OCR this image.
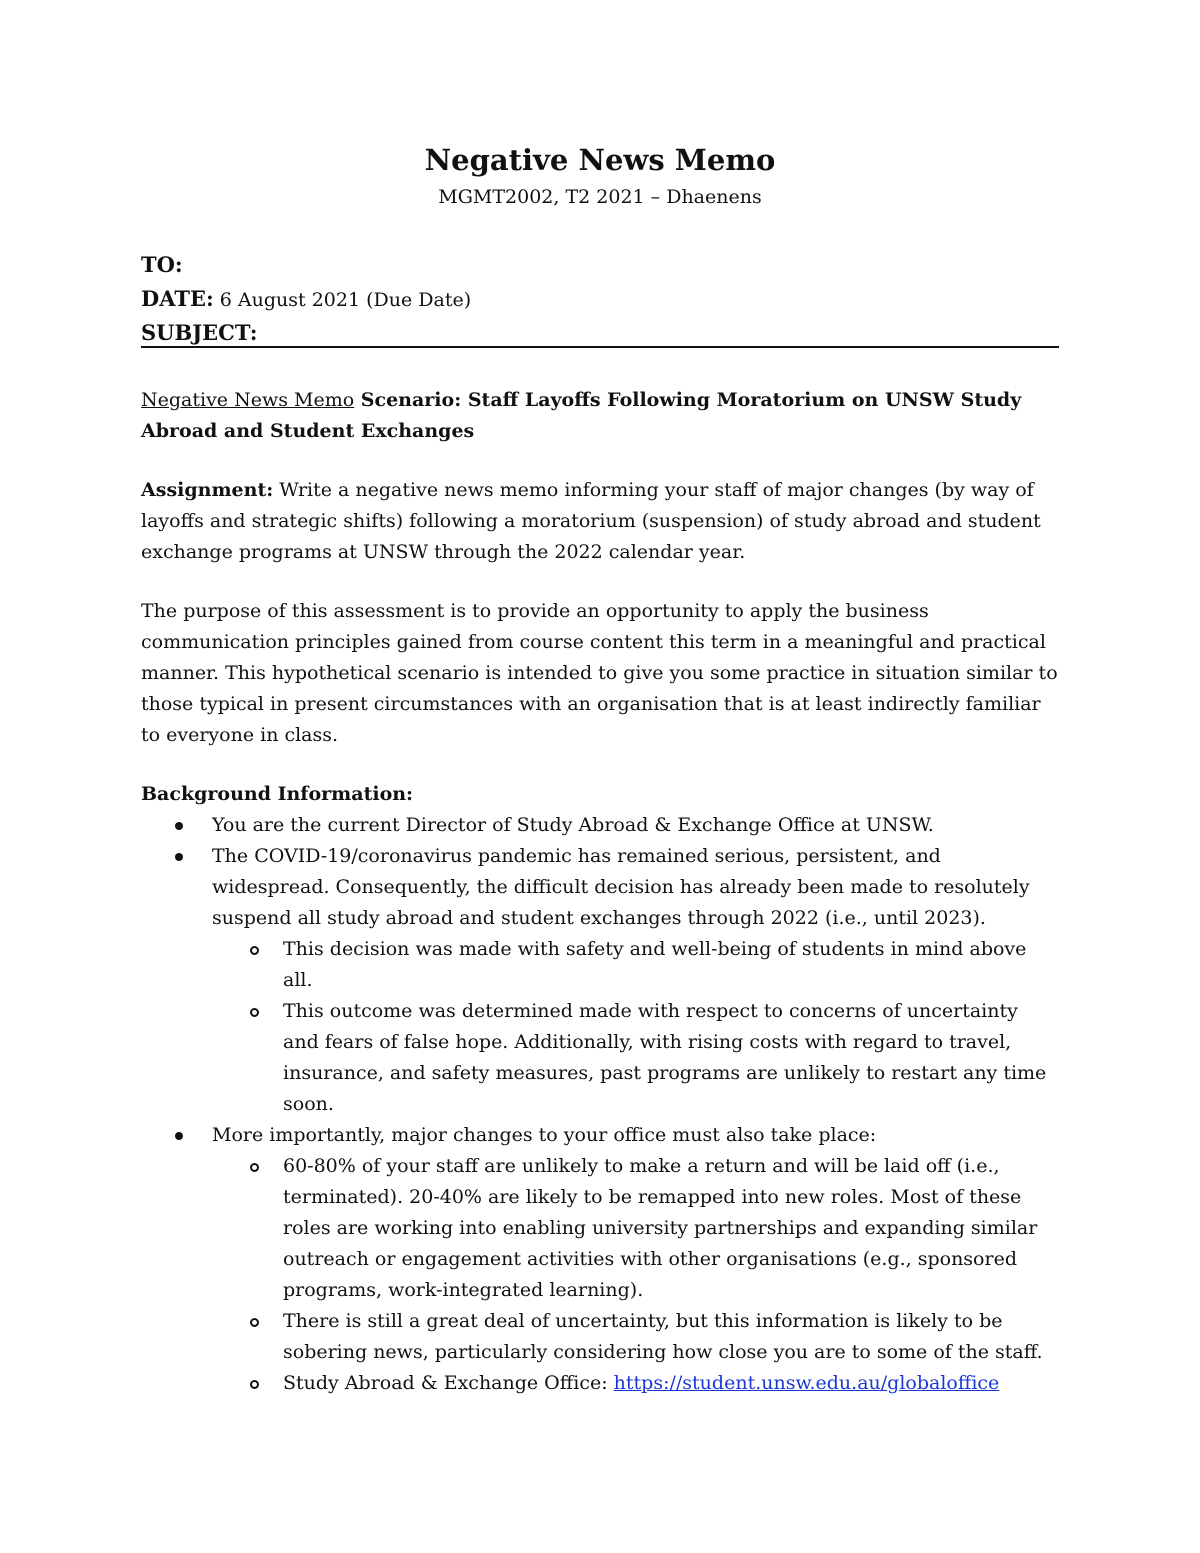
Negative News Memo
MGMT2002, T2 2021 – Dhaenens
TO:
DATE: 6 August 2021 (Due Date)
SUBJECT:

Negative News Memo Scenario: Staff Layoffs Following Moratorium on UNSW Study Abroad and Student Exchanges

Assignment: Write a negative news memo informing your staff of major changes (by way of layoffs and strategic shifts) following a moratorium (suspension) of study abroad and student exchange programs at UNSW through the 2022 calendar year.

The purpose of this assessment is to provide an opportunity to apply the business communication principles gained from course content this term in a meaningful and practical manner. This hypothetical scenario is intended to give you some practice in situation similar to those typical in present circumstances with an organisation that is at least indirectly familiar to everyone in class.

Background Information:

You are the current Director of Study Abroad & Exchange Office at UNSW.
The COVID-19/coronavirus pandemic has remained serious, persistent, and widespread. Consequently, the difficult decision has already been made to resolutely suspend all study abroad and student exchanges through 2022 (i.e., until 2023).
This decision was made with safety and well-being of students in mind above all.
This outcome was determined made with respect to concerns of uncertainty and fears of false hope. Additionally, with rising costs with regard to travel, insurance, and safety measures, past programs are unlikely to restart any time soon.
More importantly, major changes to your office must also take place:
60-80% of your staff are unlikely to make a return and will be laid off (i.e., terminated). 20-40% are likely to be remapped into new roles. Most of these roles are working into enabling university partnerships and expanding similar outreach or engagement activities with other organisations (e.g., sponsored programs, work-integrated learning).
There is still a great deal of uncertainty, but this information is likely to be sobering news, particularly considering how close you are to some of the staff.
Study Abroad & Exchange Office: https://student.unsw.edu.au/globaloffice
